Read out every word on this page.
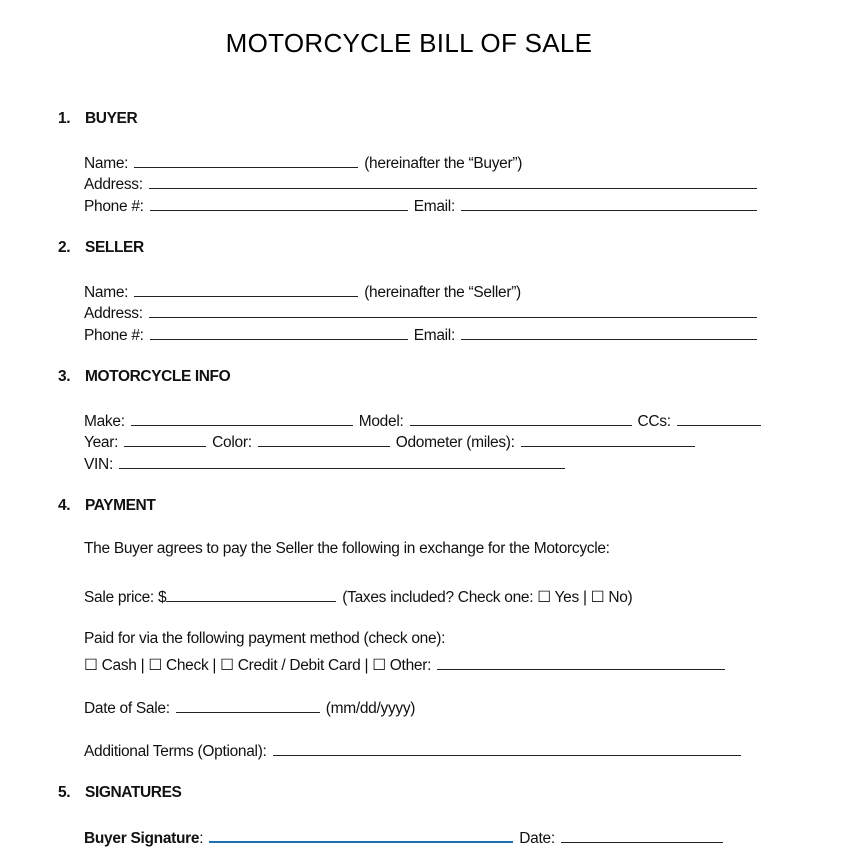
MOTORCYCLE BILL OF SALE
1. BUYER
Name:	(hereinafter the “Buyer”)
Address:
Phone #:	Email:
2. SELLER
Name:	(hereinafter the “Seller”)
Address:
Phone #:	Email:
3. MOTORCYCLE INFO
Make:	Model:	CCs:
Year:	Color:	Odometer (miles):
VIN:
4. PAYMENT
The Buyer agrees to pay the Seller the following in exchange for the Motorcycle:
Sale price: $	(Taxes included? Check one: ☐ Yes | ☐ No)
Paid for via the following payment method (check one):
☐ Cash | ☐ Check | ☐ Credit / Debit Card | ☐ Other:
Date of Sale:	(mm/dd/yyyy)
Additional Terms (Optional):
5. SIGNATURES
Buyer Signature:	Date:
